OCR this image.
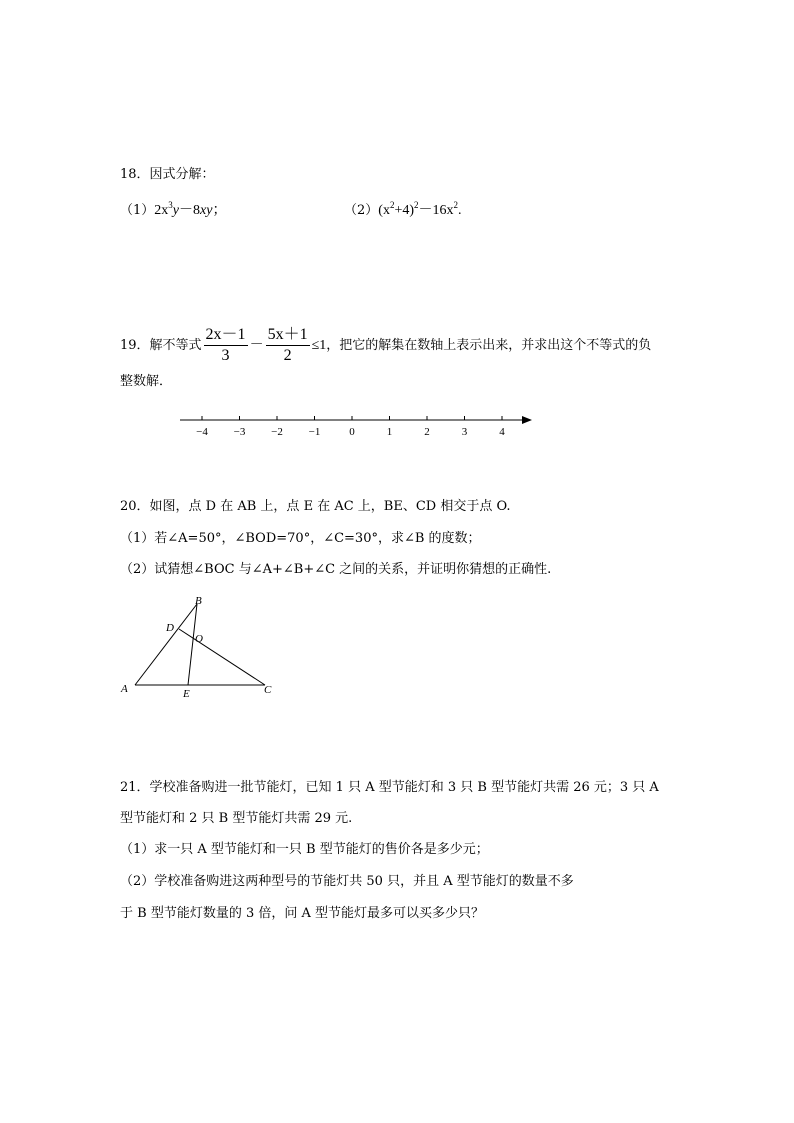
18．因式分解：
$(1)2x^3y-8xy$；	$(2)(x^2+4)^2-16x^2$.
19．解不等式 $\frac{2x-1}{3} - \frac{5x+1}{2} \le 1$，把它的解集在数轴上表示出来，并求出这个不等式的负
整数解．
−4 −3 −2 −1	0	1	2	3	4
20．如图，点 D 在 AB 上，点 E 在 AC 上，BE、CD 相交于点 O.
（1）若∠A=50°，∠BOD=70°，∠C=30°，求∠B 的度数；
（2）试猜想∠BOC 与∠A+∠B+∠C 之间的关系，并证明你猜想的正确性.
A
B
C
D
E
O
21．学校准备购进一批节能灯，已知 1 只 A 型节能灯和 3 只 B 型节能灯共需 26 元；3 只 A
型节能灯和 2 只 B 型节能灯共需 29 元.
（1）求一只 A 型节能灯和一只 B 型节能灯的售价各是多少元；
（2）学校准备购进这两种型号的节能灯共 50 只，并且 A 型节能灯的数量不多
于 B 型节能灯数量的 3 倍，问 A 型节能灯最多可以买多少只？
